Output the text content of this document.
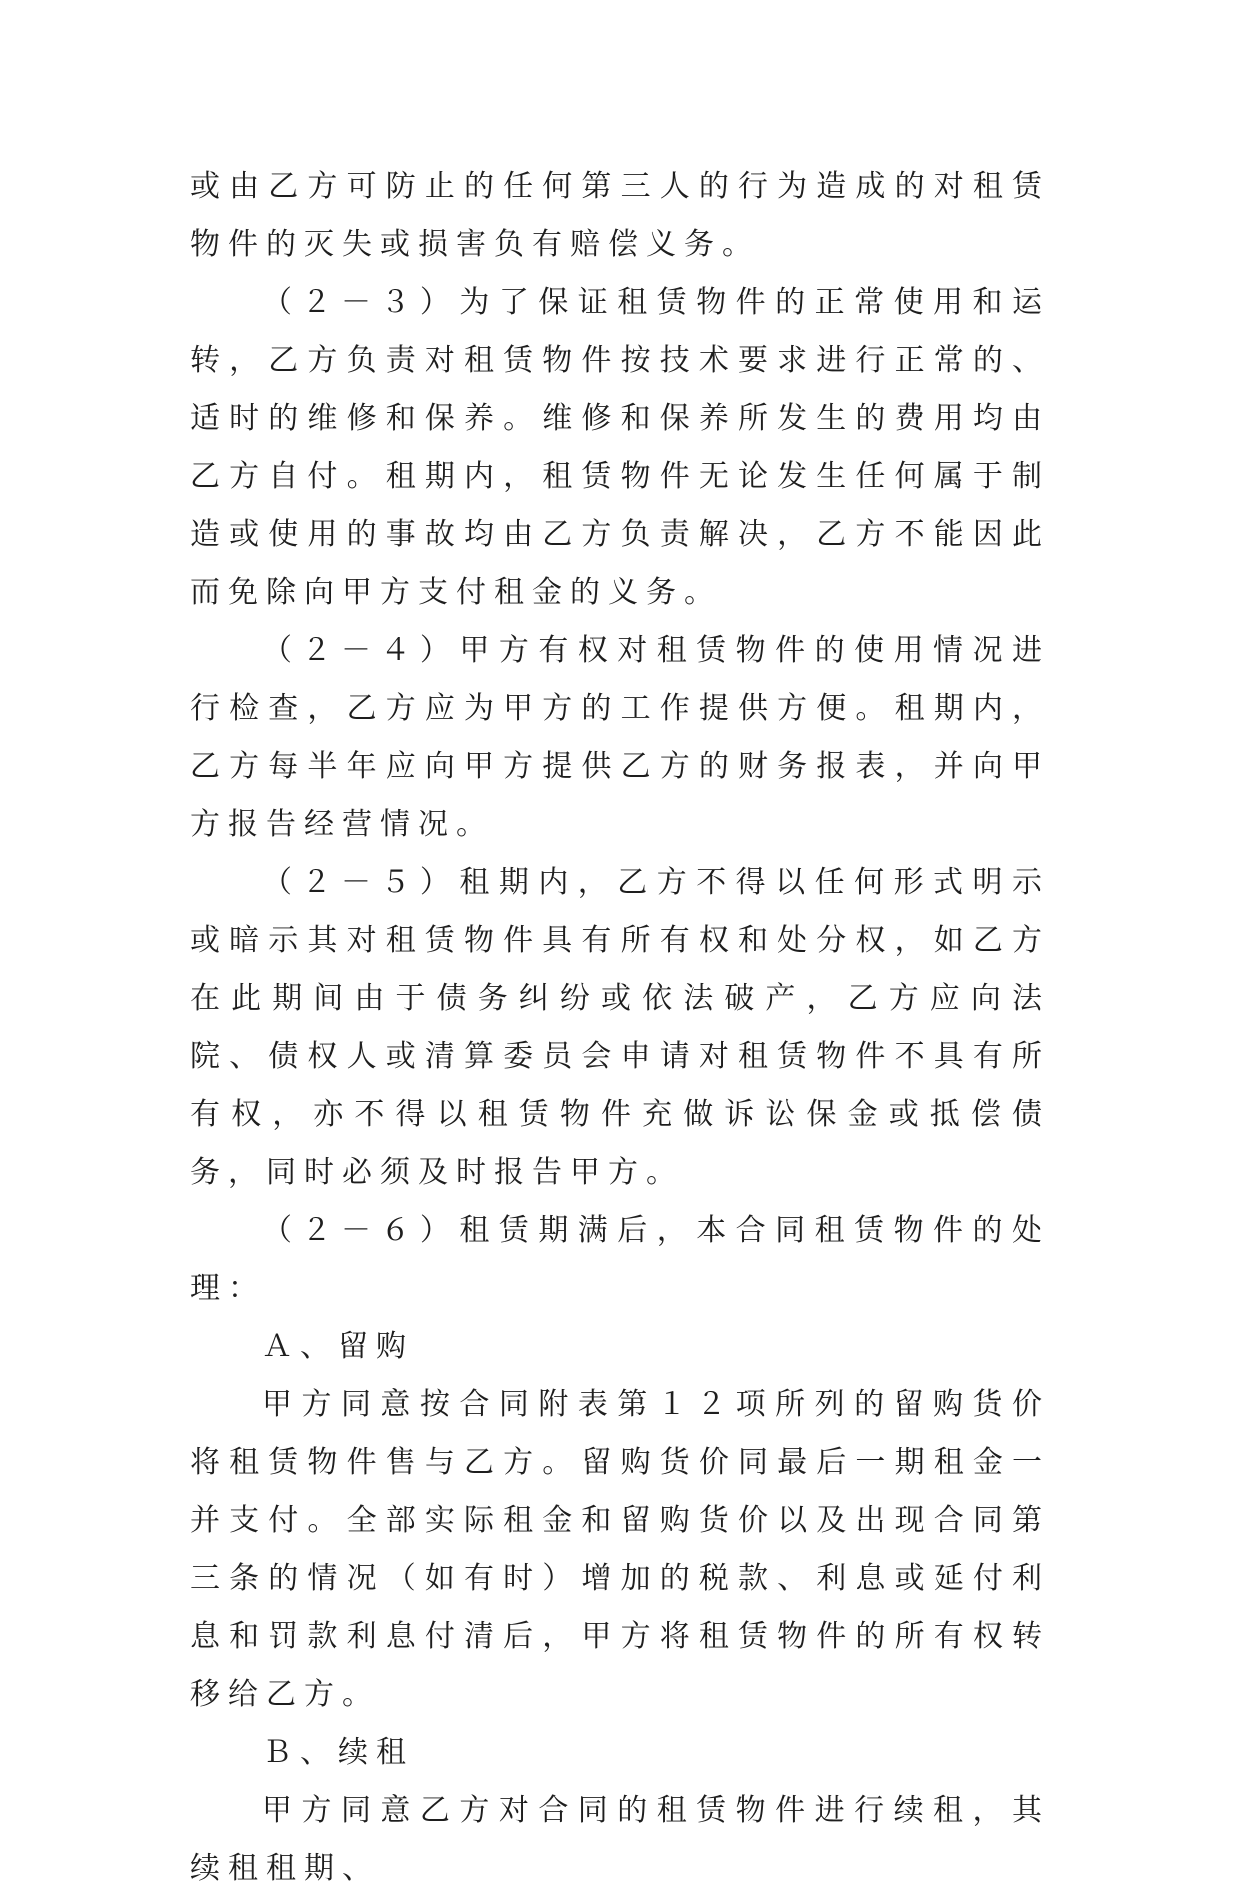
或由乙方可防止的任何第三人的行为造成的对租赁物件的灭失或损害负有赔偿义务。

（２－３）为了保证租赁物件的正常使用和运转，乙方负责对租赁物件按技术要求进行正常的、适时的维修和保养。维修和保养所发生的费用均由乙方自付。租期内，租赁物件无论发生任何属于制造或使用的事故均由乙方负责解决，乙方不能因此而免除向甲方支付租金的义务。

（２－４）甲方有权对租赁物件的使用情况进行检查，乙方应为甲方的工作提供方便。租期内，乙方每半年应向甲方提供乙方的财务报表，并向甲方报告经营情况。

（２－５）租期内，乙方不得以任何形式明示或暗示其对租赁物件具有所有权和处分权，如乙方在此期间由于债务纠纷或依法破产，乙方应向法院、债权人或清算委员会申请对租赁物件不具有所有权，亦不得以租赁物件充做诉讼保金或抵偿债务，同时必须及时报告甲方。

（２－６）租赁期满后，本合同租赁物件的处理：

Ａ、留购

甲方同意按合同附表第１２项所列的留购货价将租赁物件售与乙方。留购货价同最后一期租金一并支付。全部实际租金和留购货价以及出现合同第三条的情况（如有时）增加的税款、利息或延付利息和罚款利息付清后，甲方将租赁物件的所有权转移给乙方。

Ｂ、续租

甲方同意乙方对合同的租赁物件进行续租，其续租租期、
